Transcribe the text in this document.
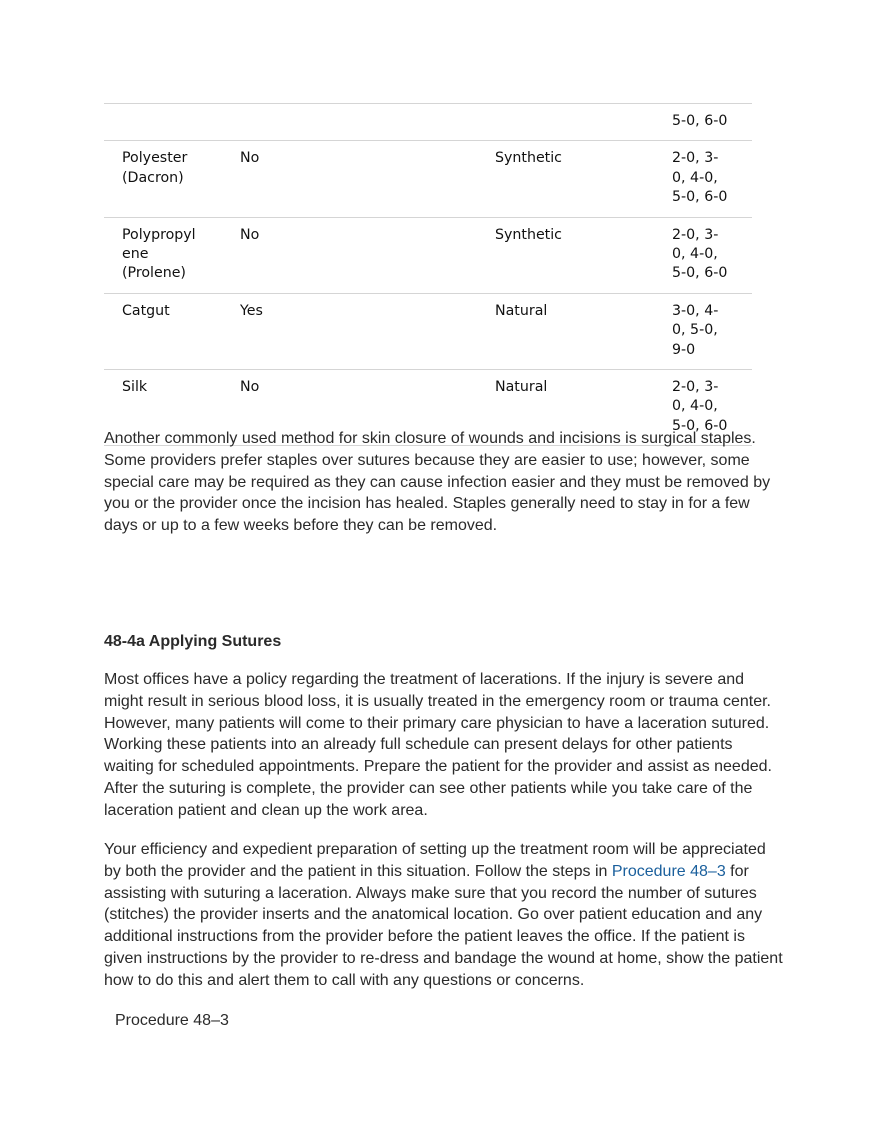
			5-0, 6-0	

Polyester
(Dacron)	No	Synthetic	2-0, 3-
0, 4-0,
5-0, 6-0	

Polypropyl
ene
(Prolene)	No	Synthetic	2-0, 3-
0, 4-0,
5-0, 6-0	

Catgut	Yes	Natural	3-0, 4-
0, 5-0,
9-0	

Silk	No	Natural	2-0, 3-
0, 4-0,
5-0, 6-0	

Another commonly used method for skin closure of wounds and incisions is surgical staples. Some providers prefer staples over sutures because they are easier to use; however, some special care may be required as they can cause infection easier and they must be removed by you or the provider once the incision has healed. Staples generally need to stay in for a few days or up to a few weeks before they can be removed.

48-4a Applying Sutures

Most offices have a policy regarding the treatment of lacerations. If the injury is severe and might result in serious blood loss, it is usually treated in the emergency room or trauma center. However, many patients will come to their primary care physician to have a laceration sutured. Working these patients into an already full schedule can present delays for other patients waiting for scheduled appointments. Prepare the patient for the provider and assist as needed. After the suturing is complete, the provider can see other patients while you take care of the laceration patient and clean up the work area.

Your efficiency and expedient preparation of setting up the treatment room will be appreciated by both the provider and the patient in this situation. Follow the steps in Procedure 48–3 for assisting with suturing a laceration. Always make sure that you record the number of sutures (stitches) the provider inserts and the anatomical location. Go over patient education and any additional instructions from the provider before the patient leaves the office. If the patient is given instructions by the provider to re-dress and bandage the wound at home, show the patient how to do this and alert them to call with any questions or concerns.

Procedure 48–3
